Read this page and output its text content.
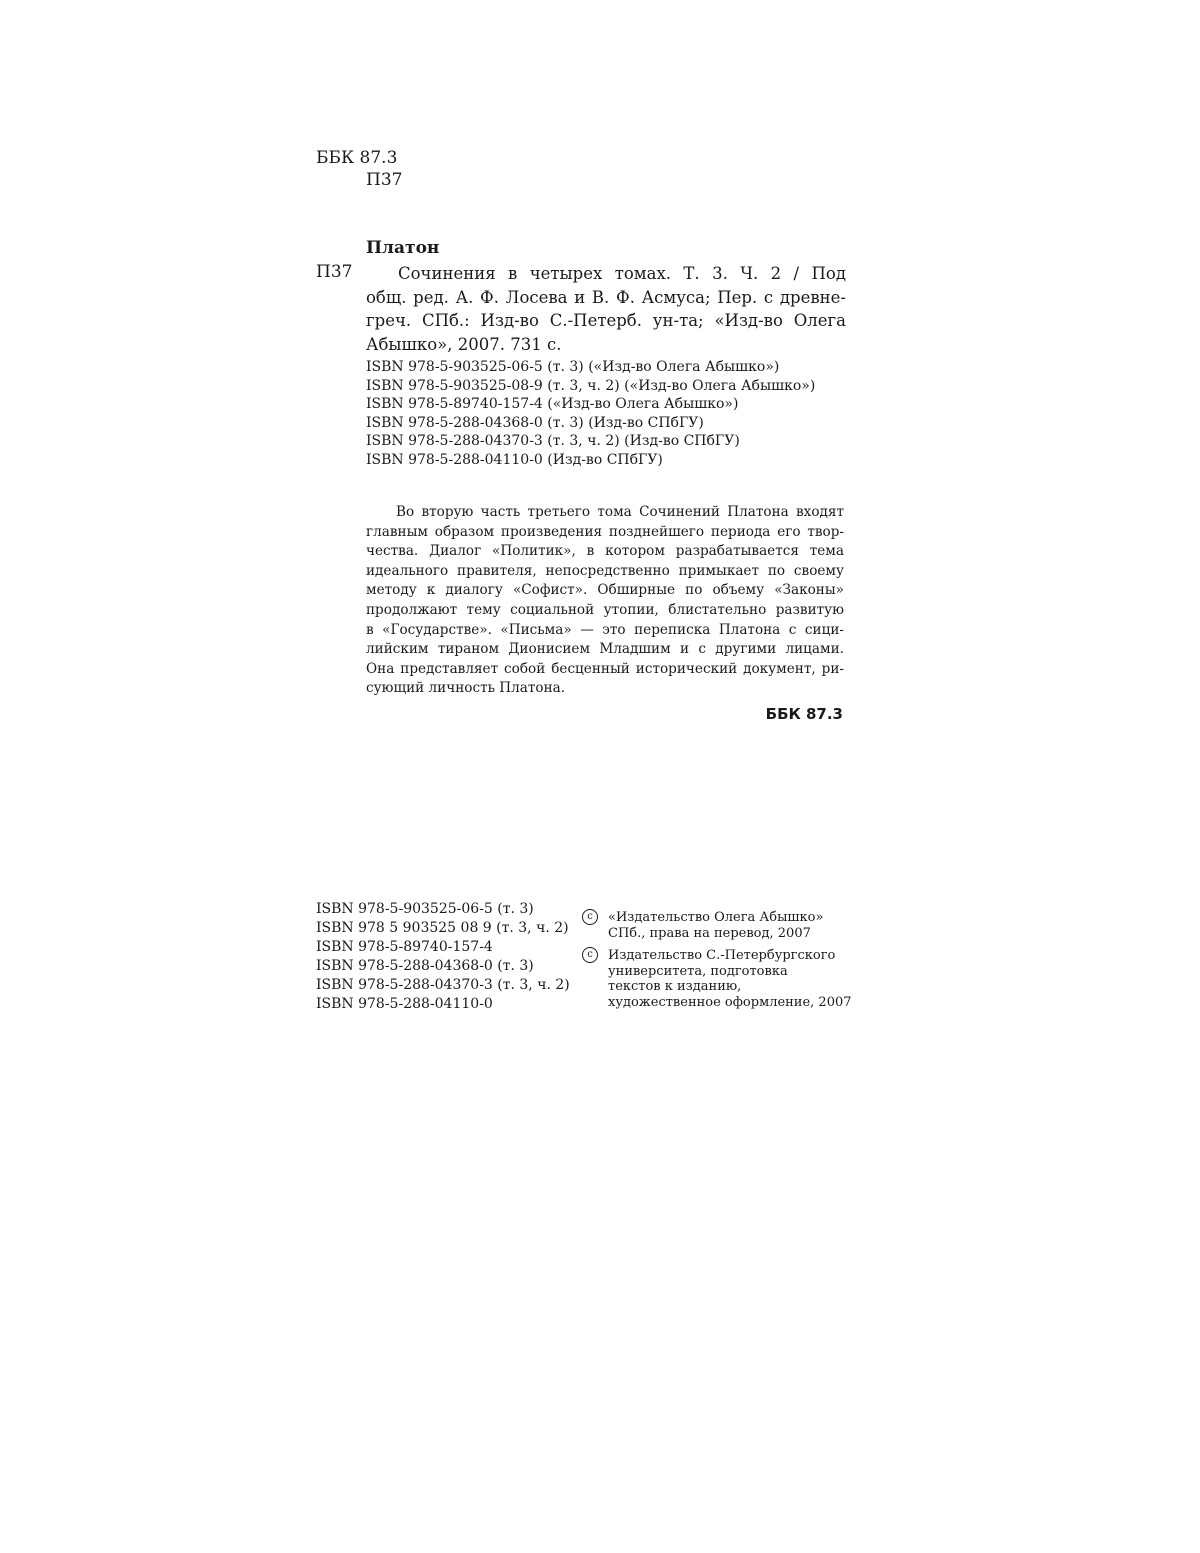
ББК 87.3
П37
Платон
П37	Сочинения в четырех томах. Т. 3. Ч. 2 / Под
общ. ред. А. Ф. Лосева и В. Ф. Асмуса; Пер. с древне-
греч. СПб.: Изд-во С.-Петерб. ун-та; «Изд-во Олега
Абышко», 2007. 731 с.
ISBN 978-5-903525-06-5 (т. 3) («Изд-во Олега Абышко»)
ISBN 978-5-903525-08-9 (т. 3, ч. 2) («Изд-во Олега Абышко»)
ISBN 978-5-89740-157-4 («Изд-во Олега Абышко»)
ISBN 978-5-288-04368-0 (т. 3) (Изд-во СПбГУ)
ISBN 978-5-288-04370-3 (т. 3, ч. 2) (Изд-во СПбГУ)
ISBN 978-5-288-04110-0 (Изд-во СПбГУ)
Во вторую часть третьего тома Сочинений Платона входят
главным образом произведения позднейшего периода его твор-
чества. Диалог «Политик», в котором разрабатывается тема
идеального правителя, непосредственно примыкает по своему
методу к диалогу «Софист». Обширные по объему «Законы»
продолжают тему социальной утопии, блистательно развитую
в «Государстве». «Письма» — это переписка Платона с сици-
лийским тираном Дионисием Младшим и с другими лицами.
Она представляет собой бесценный исторический документ, ри-
сующий личность Платона.
ББК 87.3
ISBN 978-5-903525-06-5 (т. 3)
ISBN 978 5 903525 08 9 (т. 3, ч. 2)
ISBN 978-5-89740-157-4
ISBN 978-5-288-04368-0 (т. 3)
ISBN 978-5-288-04370-3 (т. 3, ч. 2)
ISBN 978-5-288-04110-0
c	«Издательство Олега Абышко»
СПб., права на перевод, 2007
c	Издательство С.-Петербургского
университета, подготовка
текстов к изданию,
художественное оформление, 2007
